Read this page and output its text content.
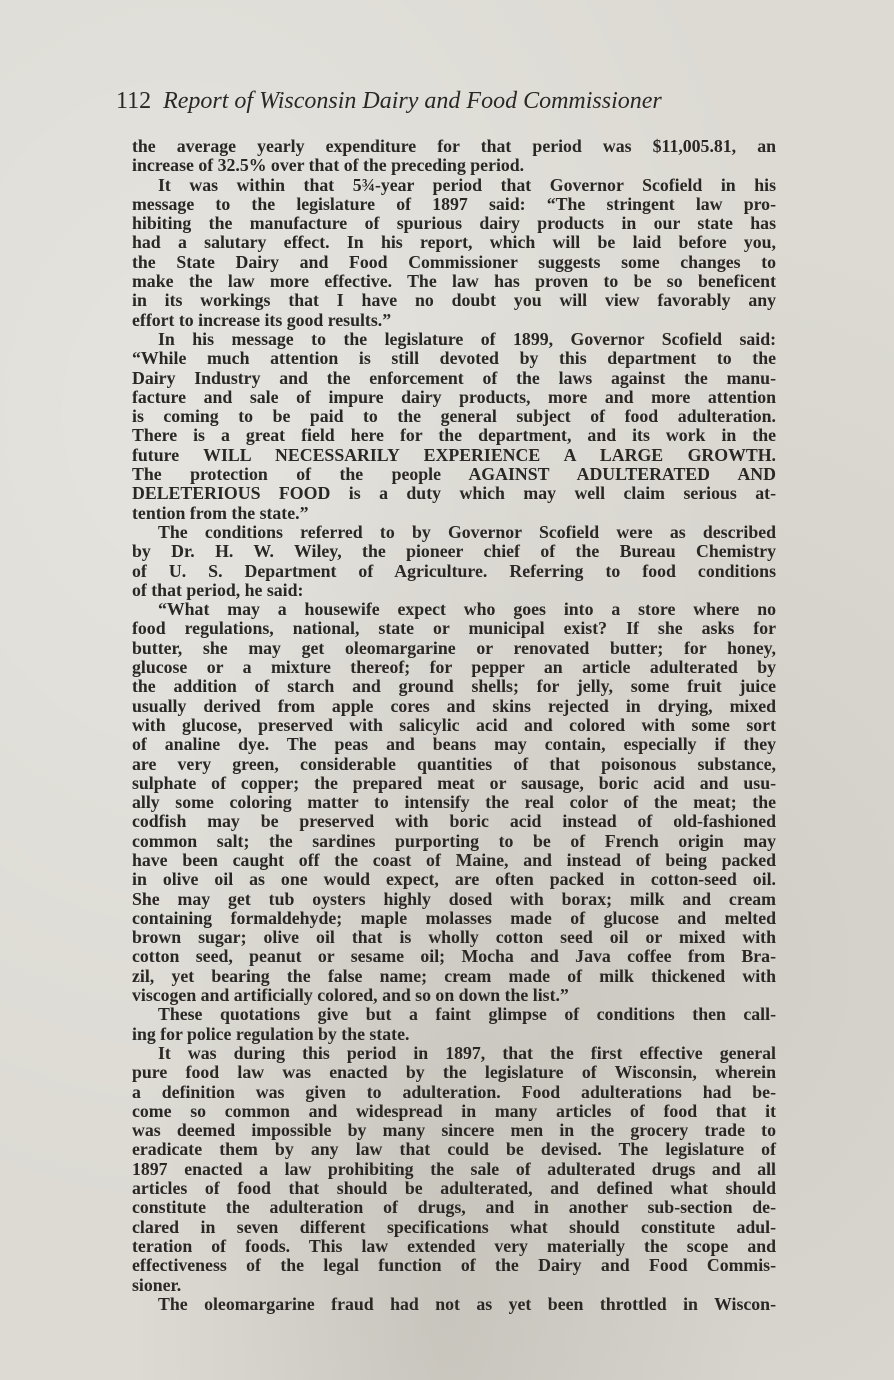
112 Report of Wisconsin Dairy and Food Commissioner
the average yearly expenditure for that period was $11,005.81, an
increase of 32.5% over that of the preceding period.
It was within that 5¾-year period that Governor Scofield in his
message to the legislature of 1897 said: “The stringent law pro-
hibiting the manufacture of spurious dairy products in our state has
had a salutary effect. In his report, which will be laid before you,
the State Dairy and Food Commissioner suggests some changes to
make the law more effective. The law has proven to be so beneficent
in its workings that I have no doubt you will view favorably any
effort to increase its good results.”
In his message to the legislature of 1899, Governor Scofield said:
“While much attention is still devoted by this department to the
Dairy Industry and the enforcement of the laws against the manu-
facture and sale of impure dairy products, more and more attention
is coming to be paid to the general subject of food adulteration.
There is a great field here for the department, and its work in the
future WILL NECESSARILY EXPERIENCE A LARGE GROWTH.
The protection of the people AGAINST ADULTERATED AND
DELETERIOUS FOOD is a duty which may well claim serious at-
tention from the state.”
The conditions referred to by Governor Scofield were as described
by Dr. H. W. Wiley, the pioneer chief of the Bureau Chemistry
of U. S. Department of Agriculture. Referring to food conditions
of that period, he said:
“What may a housewife expect who goes into a store where no
food regulations, national, state or municipal exist? If she asks for
butter, she may get oleomargarine or renovated butter; for honey,
glucose or a mixture thereof; for pepper an article adulterated by
the addition of starch and ground shells; for jelly, some fruit juice
usually derived from apple cores and skins rejected in drying, mixed
with glucose, preserved with salicylic acid and colored with some sort
of analine dye. The peas and beans may contain, especially if they
are very green, considerable quantities of that poisonous substance,
sulphate of copper; the prepared meat or sausage, boric acid and usu-
ally some coloring matter to intensify the real color of the meat; the
codfish may be preserved with boric acid instead of old-fashioned
common salt; the sardines purporting to be of French origin may
have been caught off the coast of Maine, and instead of being packed
in olive oil as one would expect, are often packed in cotton-seed oil.
She may get tub oysters highly dosed with borax; milk and cream
containing formaldehyde; maple molasses made of glucose and melted
brown sugar; olive oil that is wholly cotton seed oil or mixed with
cotton seed, peanut or sesame oil; Mocha and Java coffee from Bra-
zil, yet bearing the false name; cream made of milk thickened with
viscogen and artificially colored, and so on down the list.”
These quotations give but a faint glimpse of conditions then call-
ing for police regulation by the state.
It was during this period in 1897, that the first effective general
pure food law was enacted by the legislature of Wisconsin, wherein
a definition was given to adulteration. Food adulterations had be-
come so common and widespread in many articles of food that it
was deemed impossible by many sincere men in the grocery trade to
eradicate them by any law that could be devised. The legislature of
1897 enacted a law prohibiting the sale of adulterated drugs and all
articles of food that should be adulterated, and defined what should
constitute the adulteration of drugs, and in another sub-section de-
clared in seven different specifications what should constitute adul-
teration of foods. This law extended very materially the scope and
effectiveness of the legal function of the Dairy and Food Commis-
sioner.
The oleomargarine fraud had not as yet been throttled in Wiscon-
